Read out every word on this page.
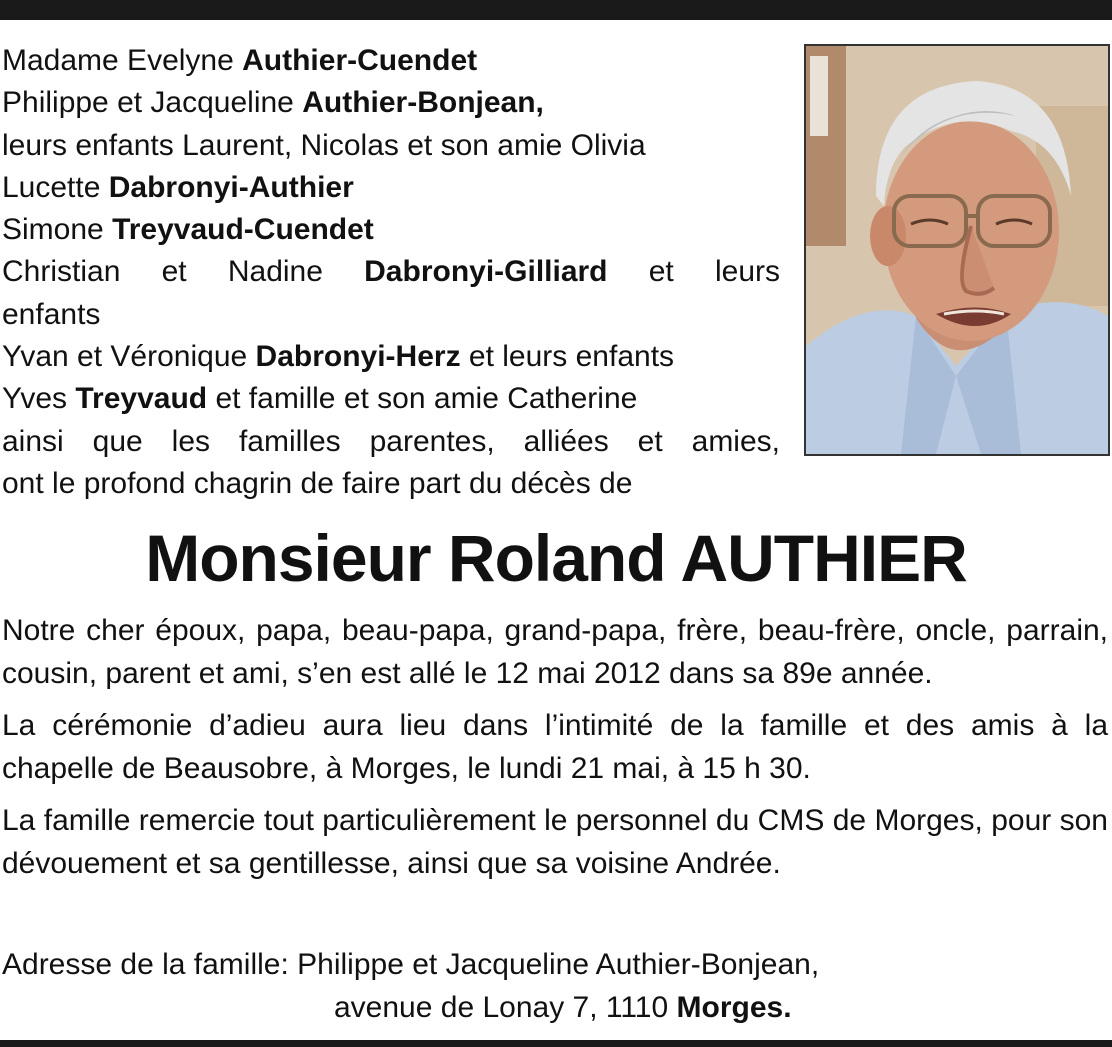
Madame Evelyne Authier-Cuendet
Philippe et Jacqueline Authier-Bonjean,
leurs enfants Laurent, Nicolas et son amie Olivia
Lucette Dabronyi-Authier
Simone Treyvaud-Cuendet
Christian et Nadine Dabronyi-Gilliard et leurs
enfants
Yvan et Véronique Dabronyi-Herz et leurs enfants
Yves Treyvaud et famille et son amie Catherine
ainsi que les familles parentes, alliées et amies,
ont le profond chagrin de faire part du décès de
Monsieur Roland AUTHIER

Notre cher époux, papa, beau-papa, grand-papa, frère, beau-frère, oncle, parrain, cousin, parent et ami, s’en est allé le 12 mai 2012 dans sa 89e année.

La cérémonie d’adieu aura lieu dans l’intimité de la famille et des amis à la chapelle de Beausobre, à Morges, le lundi 21 mai, à 15 h 30.

La famille remercie tout particulièrement le personnel du CMS de Morges, pour son dévouement et sa gentillesse, ainsi que sa voisine Andrée.

Adresse de la famille: Philippe et Jacqueline Authier-Bonjean,
avenue de Lonay 7, 1110 Morges.
